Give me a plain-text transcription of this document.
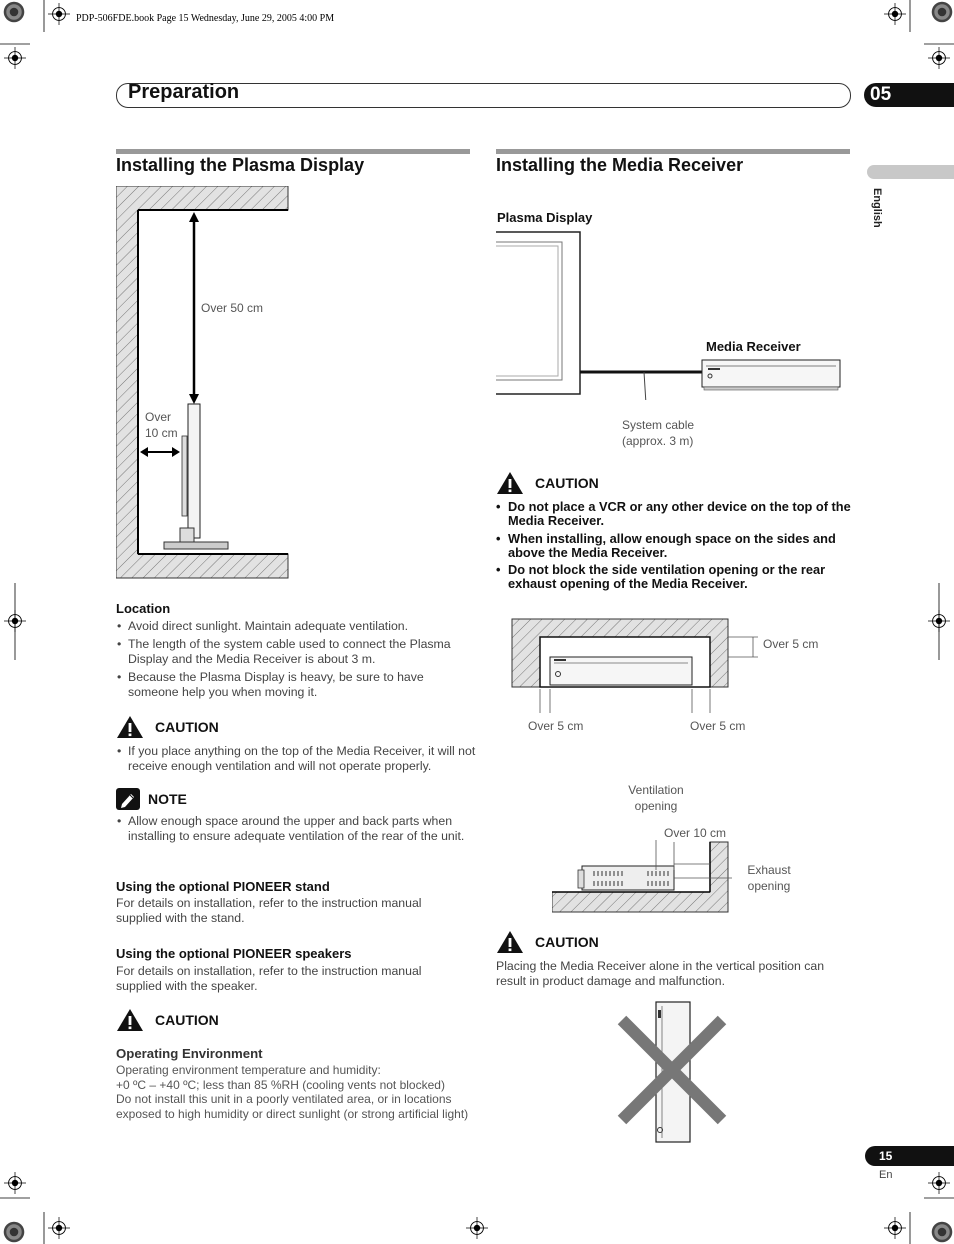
PDP-506FDE.book Page 15 Wednesday, June 29, 2005 4:00 PM
Preparation	05
English
Installing the Plasma Display
Over 50 cm
Over
10 cm
Location
• Avoid direct sunlight. Maintain adequate ventilation.
• The length of the system cable used to connect the Plasma Display and the Media Receiver is about 3 m.
• Because the Plasma Display is heavy, be sure to have someone help you when moving it.
CAUTION
• If you place anything on the top of the Media Receiver, it will not receive enough ventilation and will not operate properly.
NOTE
• Allow enough space around the upper and back parts when installing to ensure adequate ventilation of the rear of the unit.
Using the optional PIONEER stand
For details on installation, refer to the instruction manual supplied with the stand.
Using the optional PIONEER speakers
For details on installation, refer to the instruction manual supplied with the speaker.
CAUTION
Operating Environment
Operating environment temperature and humidity:
+0 ºC – +40 ºC; less than 85 %RH (cooling vents not blocked)
Do not install this unit in a poorly ventilated area, or in locations exposed to high humidity or direct sunlight (or strong artificial light)
Installing the Media Receiver
Plasma Display
Media Receiver
System cable
(approx. 3 m)
CAUTION
• Do not place a VCR or any other device on the top of the Media Receiver.
• When installing, allow enough space on the sides and above the Media Receiver.
• Do not block the side ventilation opening or the rear exhaust opening of the Media Receiver.
Over 5 cm
Over 5 cm	Over 5 cm
Ventilation
opening
Over 10 cm
Exhaust
opening
CAUTION
Placing the Media Receiver alone in the vertical position can result in product damage and malfunction.
15
En
